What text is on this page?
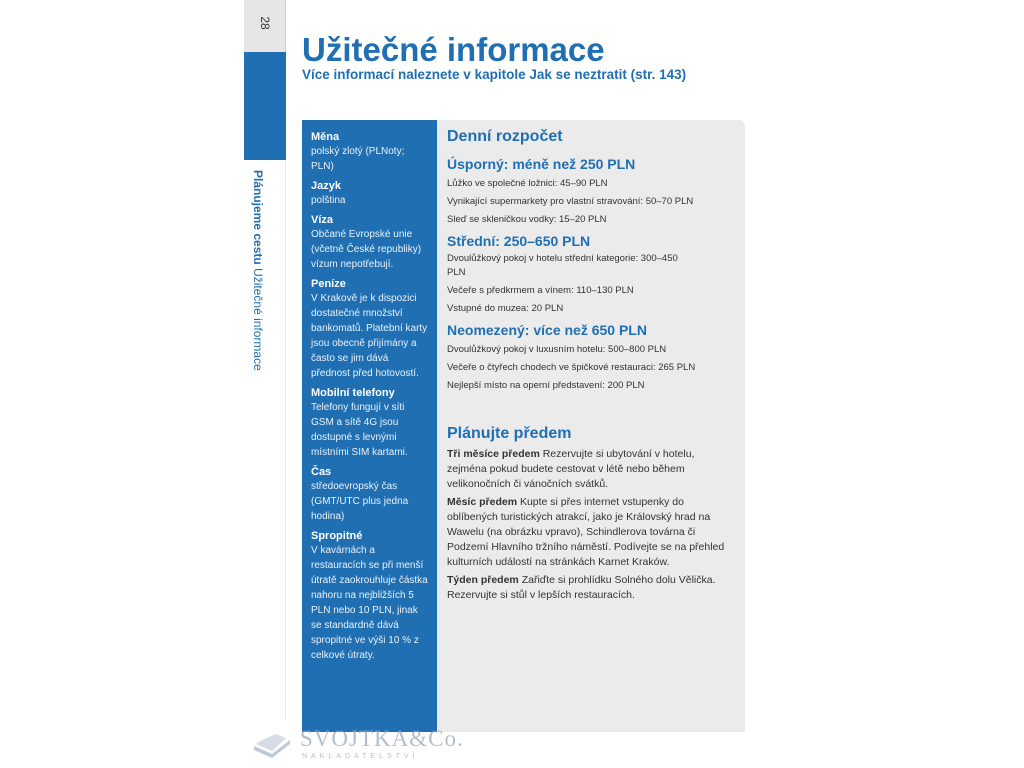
28
Plánujeme cestu Užitečné informace
Užitečné informace
Více informací naleznete v kapitole Jak se neztratit (str. 143)
Měna
polský zlotý (PLNoty; PLN)
Jazyk
polština
Víza
Občané Evropské unie (včetně České republiky) vízum nepotřebují.
Peníze
V Krakově je k dispozici dostatečné množství bankomatů. Platební karty jsou obecně přijímány a často se jim dává přednost před hotovostí.
Mobilní telefony
Telefony fungují v síti GSM a sítě 4G jsou dostupné s levnými místními SIM kartami.
Čas
středoevropský čas (GMT/UTC plus jedna hodina)
Spropitné
V kavárnách a restauracích se při menší útratě zaokrouhluje částka nahoru na nejbližších 5 PLN nebo 10 PLN, jinak se standardně dává spropitné ve výši 10 % z celkové útraty.
Denní rozpočet
Úsporný: méně než 250 PLN
Lůžko ve společné ložnici: 45–90 PLN
Vynikající supermarkety pro vlastní stravování: 50–70 PLN
Sleď se skleničkou vodky: 15–20 PLN
Střední: 250–650 PLN
Dvoulůžkový pokoj v hotelu střední kategorie: 300–450 PLN
Večeře s předkrmem a vínem: 110–130 PLN
Vstupné do muzea: 20 PLN
Neomezený: více než 650 PLN
Dvoulůžkový pokoj v luxusním hotelu: 500–800 PLN
Večeře o čtyřech chodech ve špičkové restauraci: 265 PLN
Nejlepší místo na operní představení: 200 PLN
Plánujte předem
Tři měsíce předem Rezervujte si ubytování v hotelu, zejména pokud budete cestovat v létě nebo během velikonočních či vánočních svátků.
Měsíc předem Kupte si přes internet vstupenky do oblíbených turistických atrakcí, jako je Královský hrad na Wawelu (na obrázku vpravo), Schindlerova továrna či Podzemí Hlavního tržního náměstí. Podívejte se na přehled kulturních událostí na stránkách Karnet Kraków.
Týden předem Zařiďte si prohlídku Solného dolu Vělička. Rezervujte si stůl v lepších restauracích.
SVOJTKA&Co.
NAKLADATELSTVÍ
